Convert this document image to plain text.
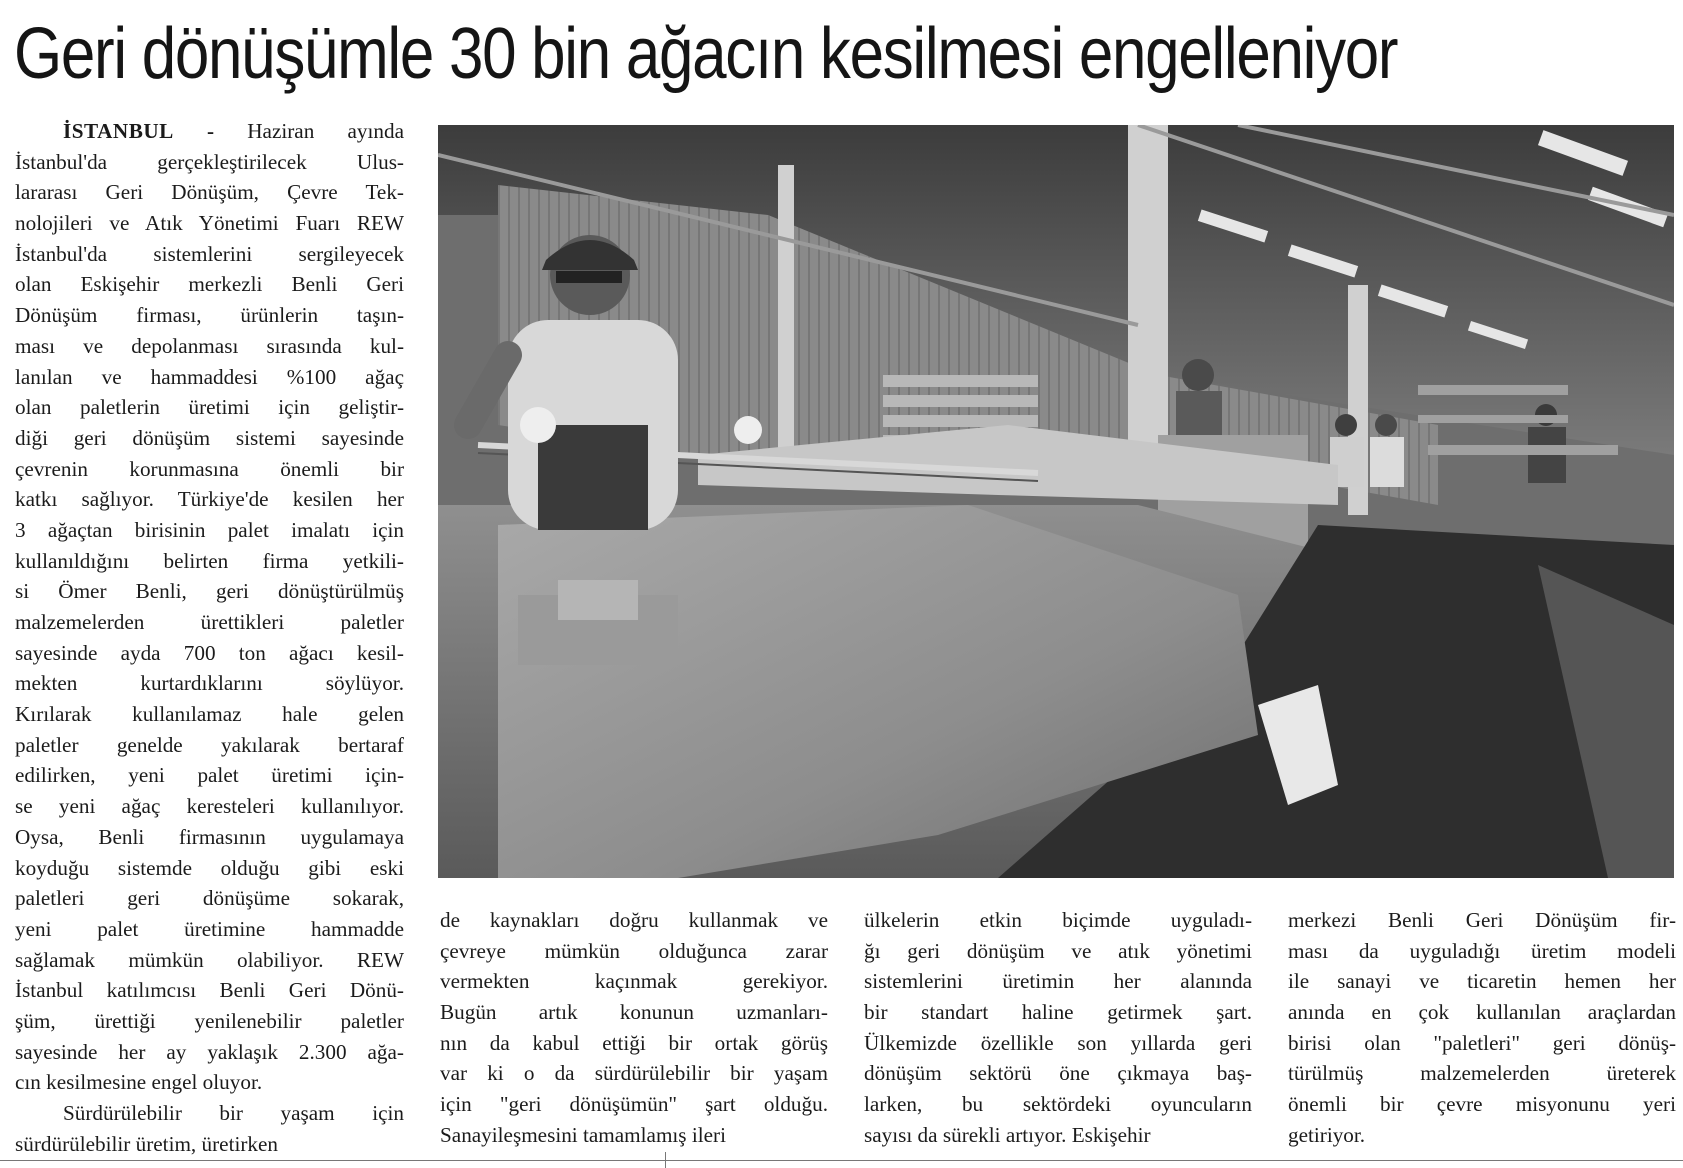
Geri dönüşümle 30 bin ağacın kesilmesi engelleniyor
İSTANBUL - Haziran ayında
İstanbul'da gerçekleştirilecek Ulus-
lararası Geri Dönüşüm, Çevre Tek-
nolojileri ve Atık Yönetimi Fuarı REW
İstanbul'da sistemlerini sergileyecek
olan Eskişehir merkezli Benli Geri
Dönüşüm firması, ürünlerin taşın-
ması ve depolanması sırasında kul-
lanılan ve hammaddesi %100 ağaç
olan paletlerin üretimi için geliştir-
diği geri dönüşüm sistemi sayesinde
çevrenin korunmasına önemli bir
katkı sağlıyor. Türkiye'de kesilen her
3 ağaçtan birisinin palet imalatı için
kullanıldığını belirten firma yetkili-
si Ömer Benli, geri dönüştürülmüş
malzemelerden ürettikleri paletler
sayesinde ayda 700 ton ağacı kesil-
mekten kurtardıklarını söylüyor.
Kırılarak kullanılamaz hale gelen
paletler genelde yakılarak bertaraf
edilirken, yeni palet üretimi için-
se yeni ağaç keresteleri kullanılıyor.
Oysa, Benli firmasının uygulamaya
koyduğu sistemde olduğu gibi eski
paletleri geri dönüşüme sokarak,
yeni palet üretimine hammadde
sağlamak mümkün olabiliyor. REW
İstanbul katılımcısı Benli Geri Dönü-
şüm, ürettiği yenilenebilir paletler
sayesinde her ay yaklaşık 2.300 ağa-
cın kesilmesine engel oluyor.
Sürdürülebilir bir yaşam için
sürdürülebilir üretim, üretirken
de kaynakları doğru kullanmak ve
çevreye mümkün olduğunca zarar
vermekten kaçınmak gerekiyor.
Bugün artık konunun uzmanları-
nın da kabul ettiği bir ortak görüş
var ki o da sürdürülebilir bir yaşam
için "geri dönüşümün" şart olduğu.
Sanayileşmesini tamamlamış ileri
ülkelerin etkin biçimde uyguladı-
ğı geri dönüşüm ve atık yönetimi
sistemlerini üretimin her alanında
bir standart haline getirmek şart.
Ülkemizde özellikle son yıllarda geri
dönüşüm sektörü öne çıkmaya baş-
larken, bu sektördeki oyuncuların
sayısı da sürekli artıyor. Eskişehir
merkezi Benli Geri Dönüşüm fir-
ması da uyguladığı üretim modeli
ile sanayi ve ticaretin hemen her
anında en çok kullanılan araçlardan
birisi olan "paletleri" geri dönüş-
türülmüş malzemelerden üreterek
önemli bir çevre misyonunu yeri
getiriyor.
